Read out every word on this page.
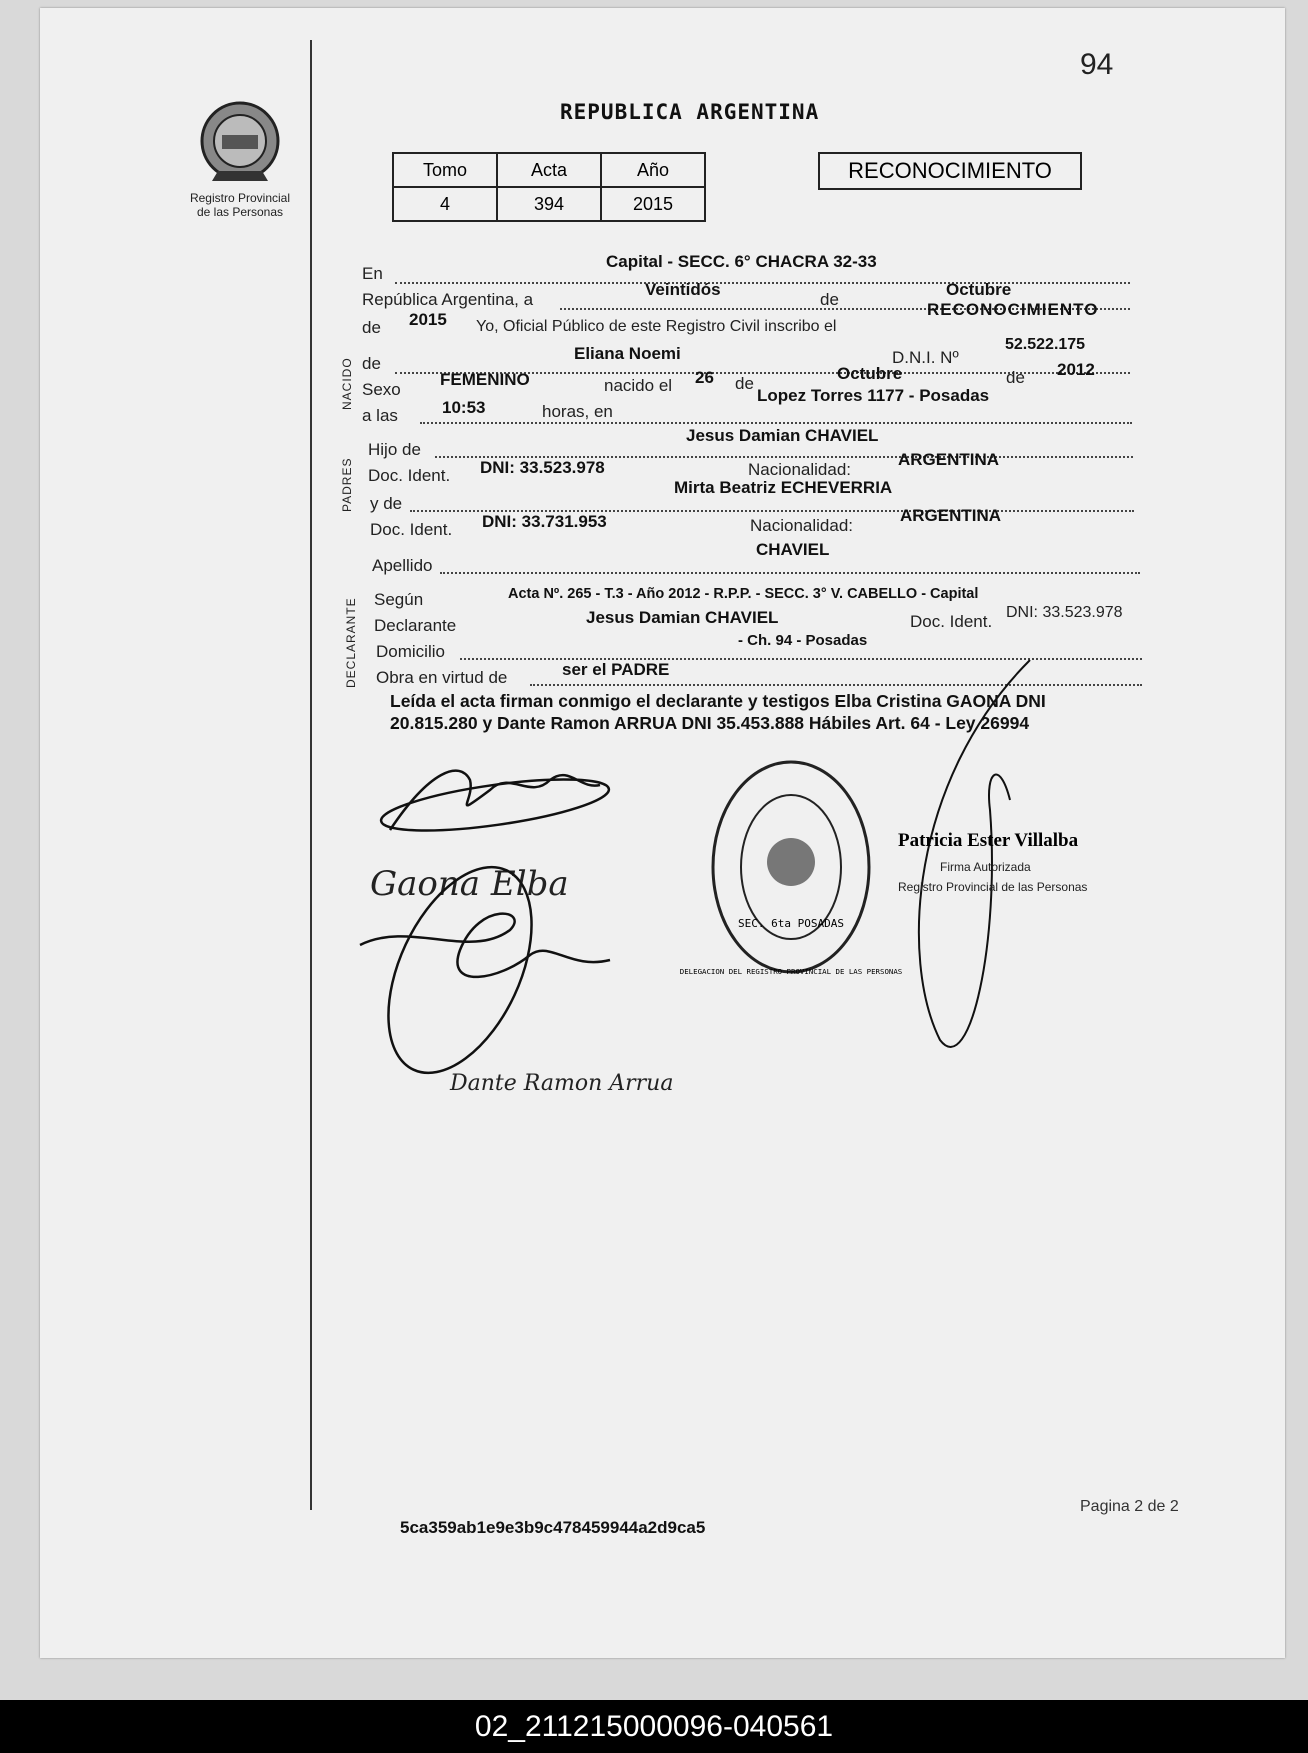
Registro Provincial
de las Personas
94
REPUBLICA ARGENTINA
Tomo	Acta	Año
4	394	2015
RECONOCIMIENTO
NACIDO
PADRES
DECLARANTE
En
Capital - SECC. 6° CHACRA 32-33
República Argentina, a
Veintidós
de
Octubre
de 2015 Yo, Oficial Público de este Registro Civil inscribo el
RECONOCIMIENTO
de
Eliana Noemi	D.N.I. Nº
52.522.175
Sexo
FEMENINO	nacido el 26 de
Octubre	de 2012
a las	10:53	horas, en
Lopez Torres 1177 - Posadas
Hijo de
Jesus Damian CHAVIEL
Doc. Ident. DNI: 33.523.978	Nacionalidad:
ARGENTINA
y de
Mirta Beatriz ECHEVERRIA
Doc. Ident. DNI: 33.731.953	Nacionalidad:
ARGENTINA
Apellido
CHAVIEL
Según	Acta Nº. 265 - T.3 - Año 2012 - R.P.P. - SECC. 3° V. CABELLO - Capital
Declarante	Jesus Damian CHAVIEL	Doc. Ident. DNI: 33.523.978
Domicilio
- Ch. 94 - Posadas
Obra en virtud de	ser el PADRE
Leída el acta firman conmigo el declarante y testigos Elba Cristina GAONA DNI 20.815.280 y Dante Ramon ARRUA DNI 35.453.888 Hábiles Art. 64 - Ley 26994
Gaona Elba
Dante Ramon Arrua
SEC. 6ta POSADAS
DELEGACION DEL REGISTRO PROVINCIAL DE LAS PERSONAS
Patricia Ester Villalba
Firma Autorizada
Registro Provincial de las Personas
Pagina 2 de 2
5ca359ab1e9e3b9c478459944a2d9ca5
02_211215000096-040561
